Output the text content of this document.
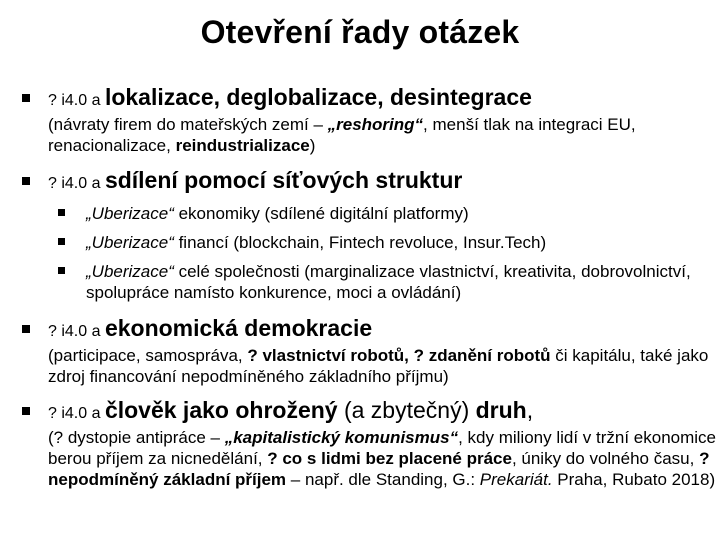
Otevření řady otázek
? i4.0 a lokalizace, deglobalizace, desintegrace
(návraty firem do mateřských zemí – „reshoring“, menší tlak na integraci EU, renacionalizace, reindustrializace)
? i4.0 a sdílení pomocí síťových struktur
„Uberizace“ ekonomiky (sdílené digitální platformy)
„Uberizace“ financí (blockchain, Fintech revoluce, Insur.Tech)
„Uberizace“ celé společnosti (marginalizace vlastnictví, kreativita, dobrovolnictví, spolupráce namísto konkurence, moci a ovládání)
? i4.0 a ekonomická demokracie
(participace, samospráva, ? vlastnictví robotů, ? zdanění robotů či kapitálu, také jako zdroj financování nepodmíněného základního příjmu)
? i4.0 a člověk jako ohrožený (a zbytečný) druh,
(? dystopie antipráce – „kapitalistický komunismus“, kdy miliony lidí v tržní ekonomice berou příjem za nicnedělání, ? co s lidmi bez placené práce, úniky do volného času, ? nepodmíněný základní příjem – např. dle Standing, G.: Prekariát. Praha, Rubato 2018)
